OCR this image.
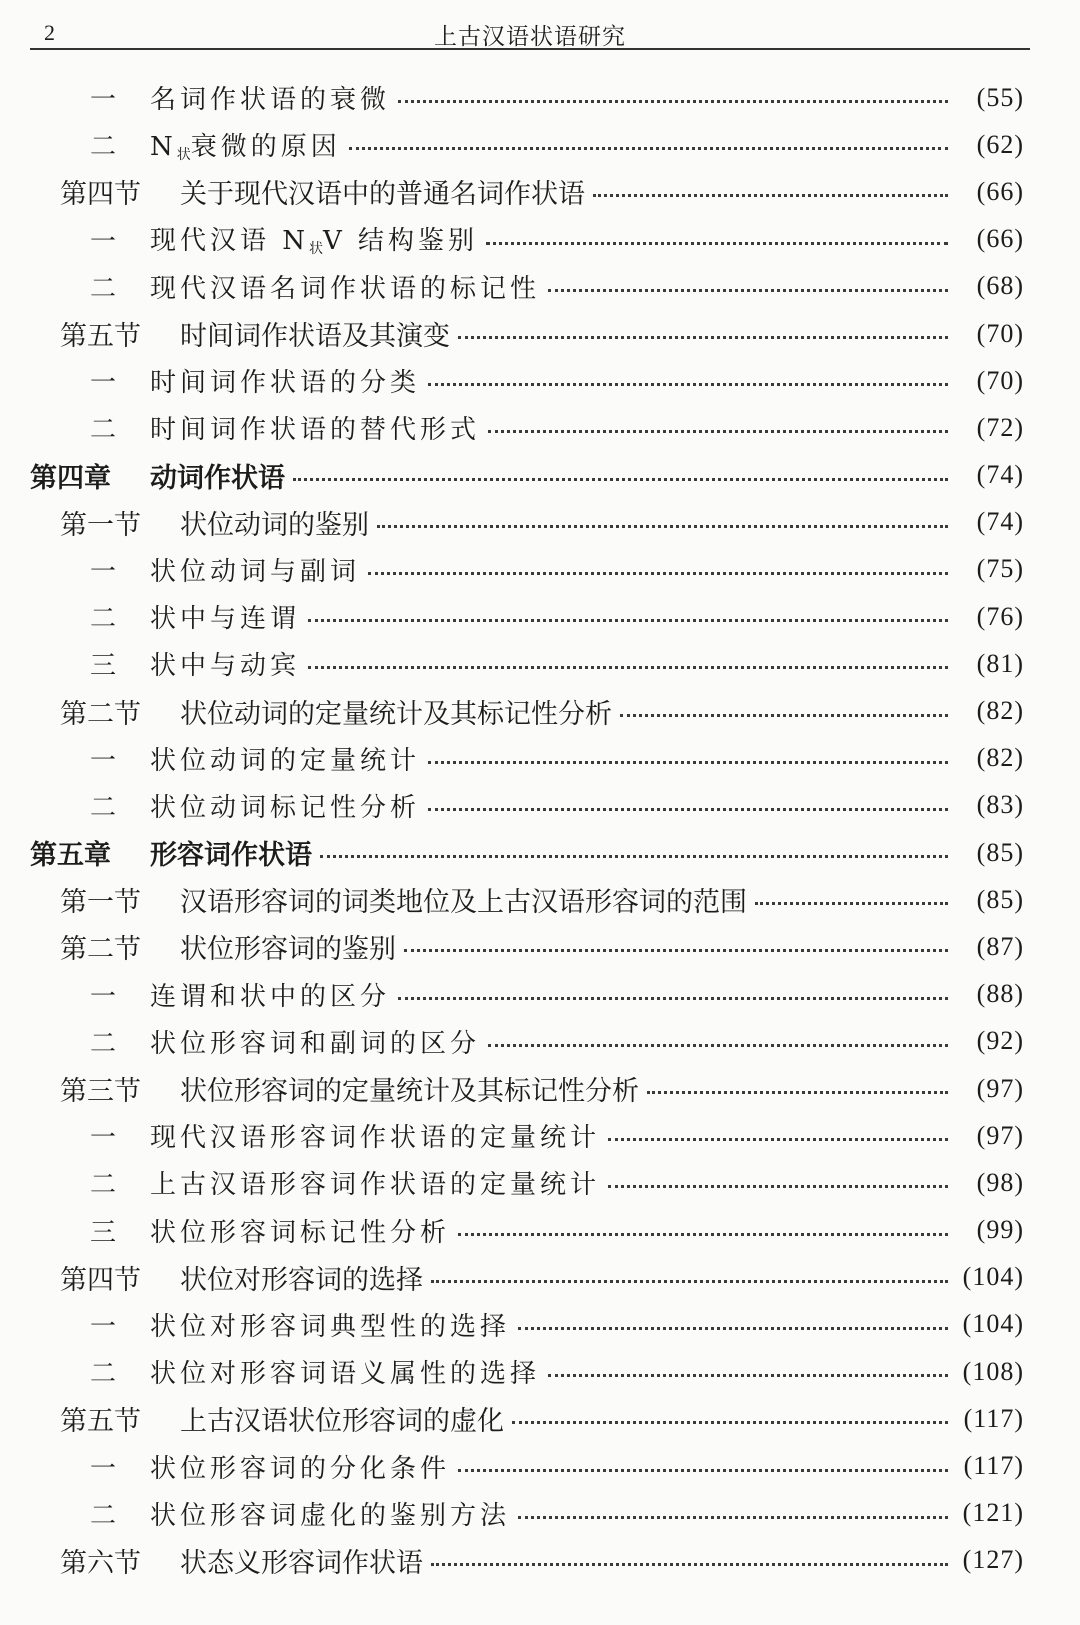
2	上古汉语状语研究
一	名词作状语的衰微	(55)
二	$N_状$衰微的原因	(62)
第四节	关于现代汉语中的普通名词作状语	(66)
一	现代汉语 $N_状V$ 结构鉴别	(66)
二	现代汉语名词作状语的标记性	(68)
第五节	时间词作状语及其演变	(70)
一	时间词作状语的分类	(70)
二	时间词作状语的替代形式	(72)
第四章	动词作状语	(74)
第一节	状位动词的鉴别	(74)
一	状位动词与副词	(75)
二	状中与连谓	(76)
三	状中与动宾	(81)
第二节	状位动词的定量统计及其标记性分析	(82)
一	状位动词的定量统计	(82)
二	状位动词标记性分析	(83)
第五章	形容词作状语	(85)
第一节	汉语形容词的词类地位及上古汉语形容词的范围	(85)
第二节	状位形容词的鉴别	(87)
一	连谓和状中的区分	(88)
二	状位形容词和副词的区分	(92)
第三节	状位形容词的定量统计及其标记性分析	(97)
一	现代汉语形容词作状语的定量统计	(97)
二	上古汉语形容词作状语的定量统计	(98)
三	状位形容词标记性分析	(99)
第四节	状位对形容词的选择	(104)
一	状位对形容词典型性的选择	(104)
二	状位对形容词语义属性的选择	(108)
第五节	上古汉语状位形容词的虚化	(117)
一	状位形容词的分化条件	(117)
二	状位形容词虚化的鉴别方法	(121)
第六节	状态义形容词作状语	(127)
